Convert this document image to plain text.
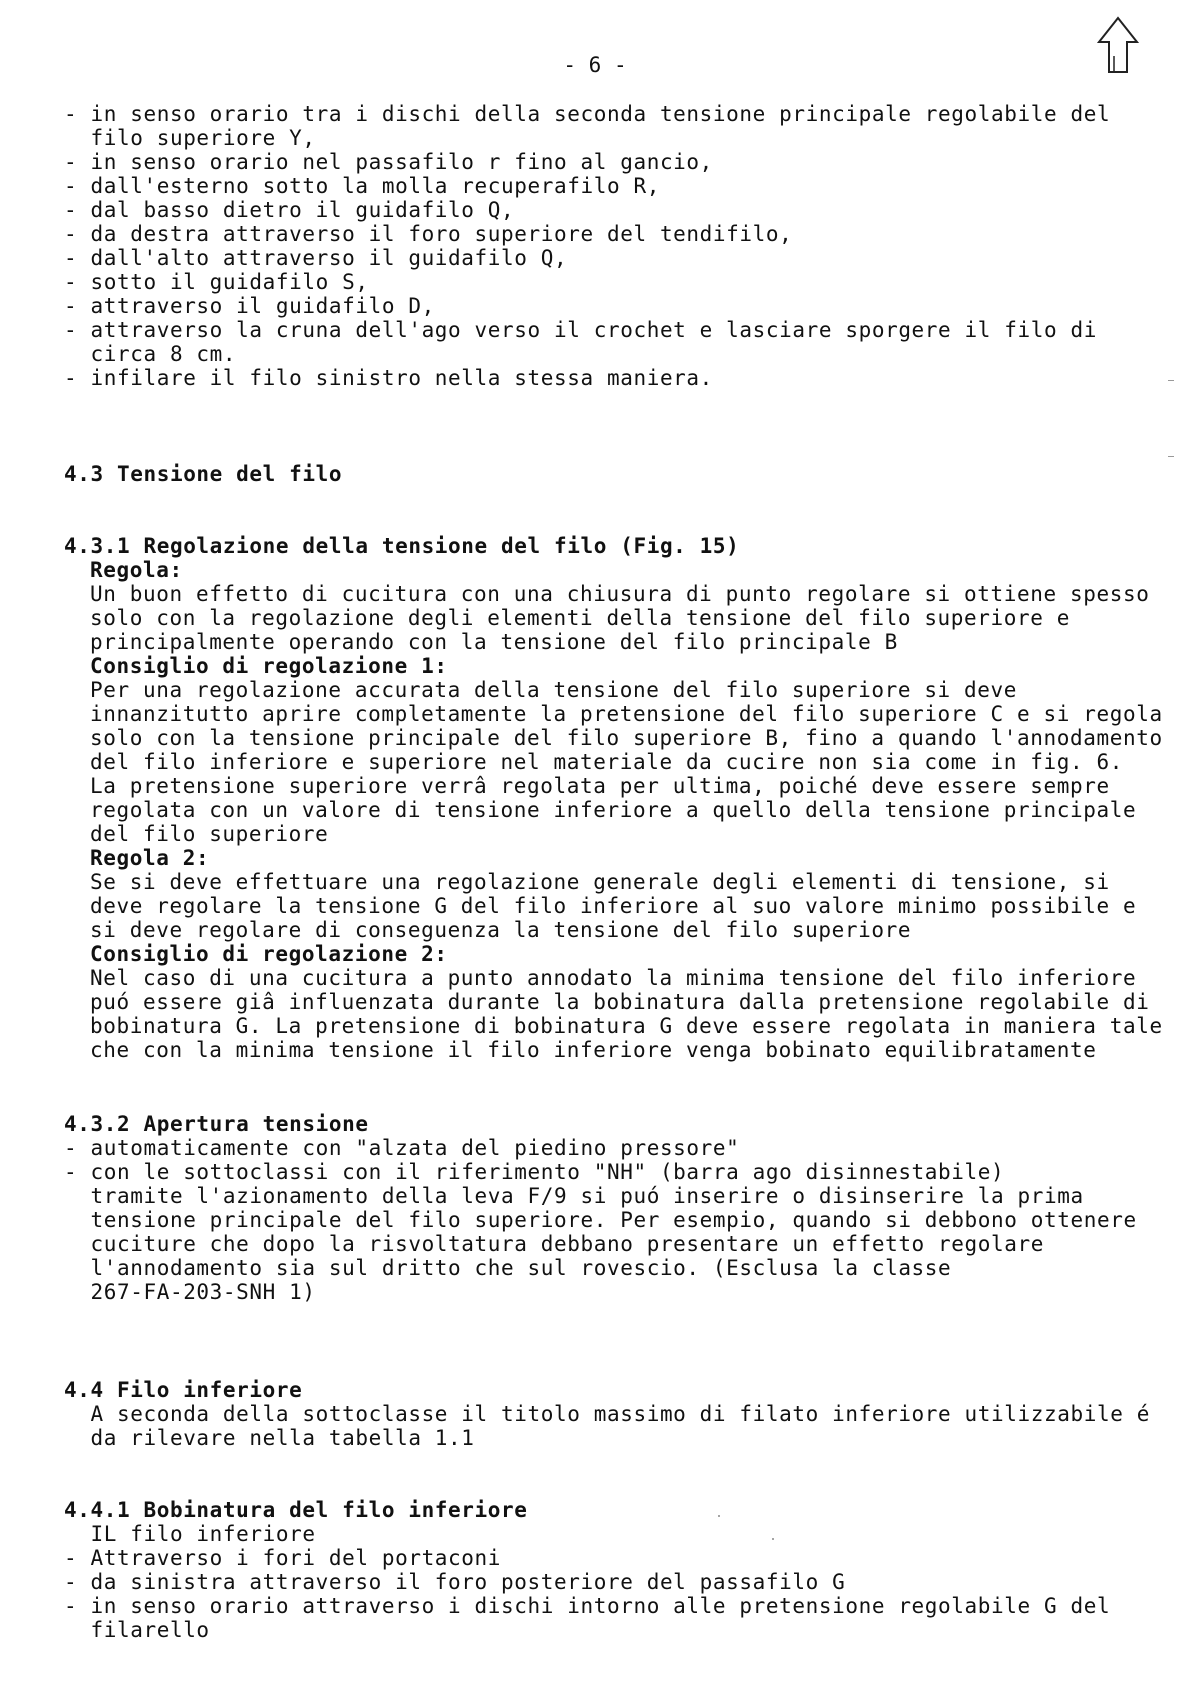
- 6 -
- in senso orario tra i dischi della seconda tensione principale regolabile del
filo superiore Y,
- in senso orario nel passafilo r fino al gancio,
- dall'esterno sotto la molla recuperafilo R,
- dal basso dietro il guidafilo Q,
- da destra attraverso il foro superiore del tendifilo,
- dall'alto attraverso il guidafilo Q,
- sotto il guidafilo S,
- attraverso il guidafilo D,
- attraverso la cruna dell'ago verso il crochet e lasciare sporgere il filo di
circa 8 cm.
- infilare il filo sinistro nella stessa maniera.
4.3 Tensione del filo
4.3.1 Regolazione della tensione del filo (Fig. 15)
Regola:
Un buon effetto di cucitura con una chiusura di punto regolare si ottiene spesso
solo con la regolazione degli elementi della tensione del filo superiore e
principalmente operando con la tensione del filo principale B
Consiglio di regolazione 1:
Per una regolazione accurata della tensione del filo superiore si deve
innanzitutto aprire completamente la pretensione del filo superiore C e si regola
solo con la tensione principale del filo superiore B, fino a quando l'annodamento
del filo inferiore e superiore nel materiale da cucire non sia come in fig. 6.
La pretensione superiore verrâ regolata per ultima, poiché deve essere sempre
regolata con un valore di tensione inferiore a quello della tensione principale
del filo superiore
Regola 2:
Se si deve effettuare una regolazione generale degli elementi di tensione, si
deve regolare la tensione G del filo inferiore al suo valore minimo possibile e
si deve regolare di conseguenza la tensione del filo superiore
Consiglio di regolazione 2:
Nel caso di una cucitura a punto annodato la minima tensione del filo inferiore
puó essere giâ influenzata durante la bobinatura dalla pretensione regolabile di
bobinatura G. La pretensione di bobinatura G deve essere regolata in maniera tale
che con la minima tensione il filo inferiore venga bobinato equilibratamente
4.3.2 Apertura tensione
- automaticamente con "alzata del piedino pressore"
- con le sottoclassi con il riferimento "NH" (barra ago disinnestabile)
tramite l'azionamento della leva F/9 si puó inserire o disinserire la prima
tensione principale del filo superiore. Per esempio, quando si debbono ottenere
cuciture che dopo la risvoltatura debbano presentare un effetto regolare
l'annodamento sia sul dritto che sul rovescio. (Esclusa la classe
267-FA-203-SNH 1)
4.4 Filo inferiore
A seconda della sottoclasse il titolo massimo di filato inferiore utilizzabile é
da rilevare nella tabella 1.1
4.4.1 Bobinatura del filo inferiore
IL filo inferiore
- Attraverso i fori del portaconi
- da sinistra attraverso il foro posteriore del passafilo G
- in senso orario attraverso i dischi intorno alle pretensione regolabile G del
filarello
